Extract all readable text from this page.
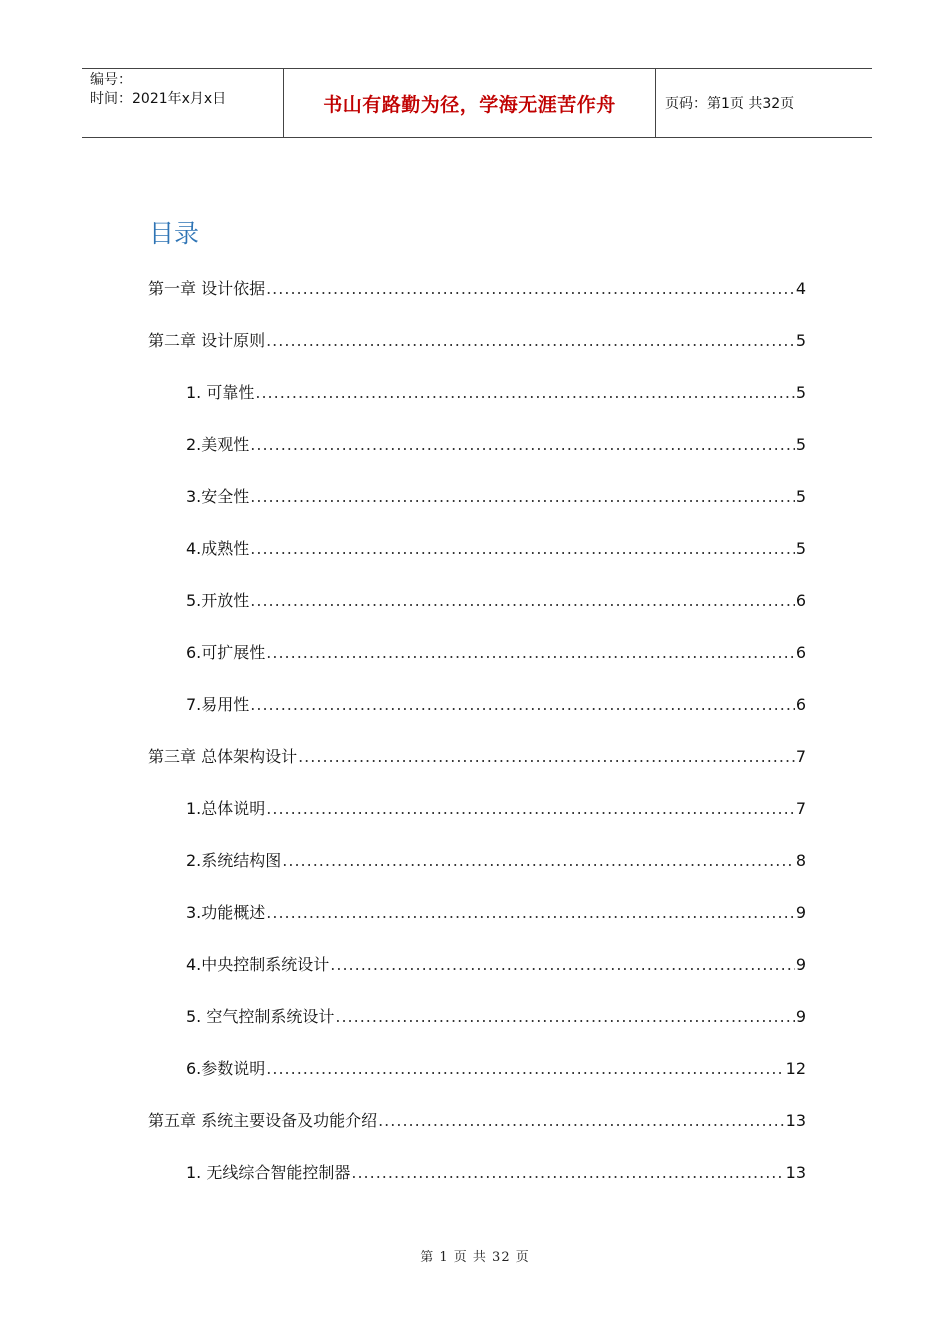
编号：
时间：2021年x月x日	书山有路勤为径，学海无涯苦作舟	页码：第1页 共32页
目录
第一章 设计依据 .....	4
第二章 设计原则 .....	5
1. 可靠性 .....	5
2.美观性 .....	5
3.安全性 .....	5
4.成熟性 .....	5
5.开放性 .....	6
6.可扩展性 .....	6
7.易用性 .....	6
第三章 总体架构设计 .....	7
1.总体说明 .....	7
2.系统结构图 .....	8
3.功能概述 .....	9
4.中央控制系统设计 .....	9
5. 空气控制系统设计 .....	9
6.参数说明 .....	12
第五章 系统主要设备及功能介绍 .....	13
1. 无线综合智能控制器 .....	13
第 1 页 共 32 页
